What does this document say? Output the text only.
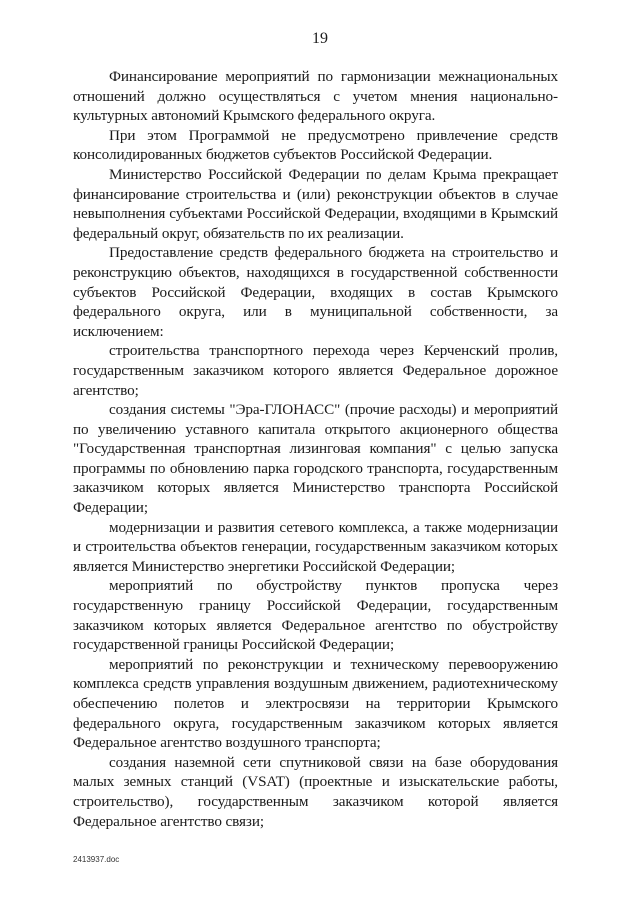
19

Финансирование мероприятий по гармонизации межнациональных отношений должно осуществляться с учетом мнения национально-культурных автономий Крымского федерального округа.

При этом Программой не предусмотрено привлечение средств консолидированных бюджетов субъектов Российской Федерации.

Министерство Российской Федерации по делам Крыма прекращает финансирование строительства и (или) реконструкции объектов в случае невыполнения субъектами Российской Федерации, входящими в Крымский федеральный округ, обязательств по их реализации.

Предоставление средств федерального бюджета на строительство и реконструкцию объектов, находящихся в государственной собственности субъектов Российской Федерации, входящих в состав Крымского федерального округа, или в муниципальной собственности, за исключением:

строительства транспортного перехода через Керченский пролив, государственным заказчиком которого является Федеральное дорожное агентство;

создания системы "Эра-ГЛОНАСС" (прочие расходы) и мероприятий по увеличению уставного капитала открытого акционерного общества "Государственная транспортная лизинговая компания" с целью запуска программы по обновлению парка городского транспорта, государственным заказчиком которых является Министерство транспорта Российской Федерации;

модернизации и развития сетевого комплекса, а также модернизации и строительства объектов генерации, государственным заказчиком которых является Министерство энергетики Российской Федерации;

мероприятий по обустройству пунктов пропуска через государственную границу Российской Федерации, государственным заказчиком которых является Федеральное агентство по обустройству государственной границы Российской Федерации;

мероприятий по реконструкции и техническому перевооружению комплекса средств управления воздушным движением, радиотехническому обеспечению полетов и электросвязи на территории Крымского федерального округа, государственным заказчиком которых является Федеральное агентство воздушного транспорта;

создания наземной сети спутниковой связи на базе оборудования малых земных станций (VSAT) (проектные и изыскательские работы, строительство), государственным заказчиком которой является Федеральное агентство связи;

2413937.doc
